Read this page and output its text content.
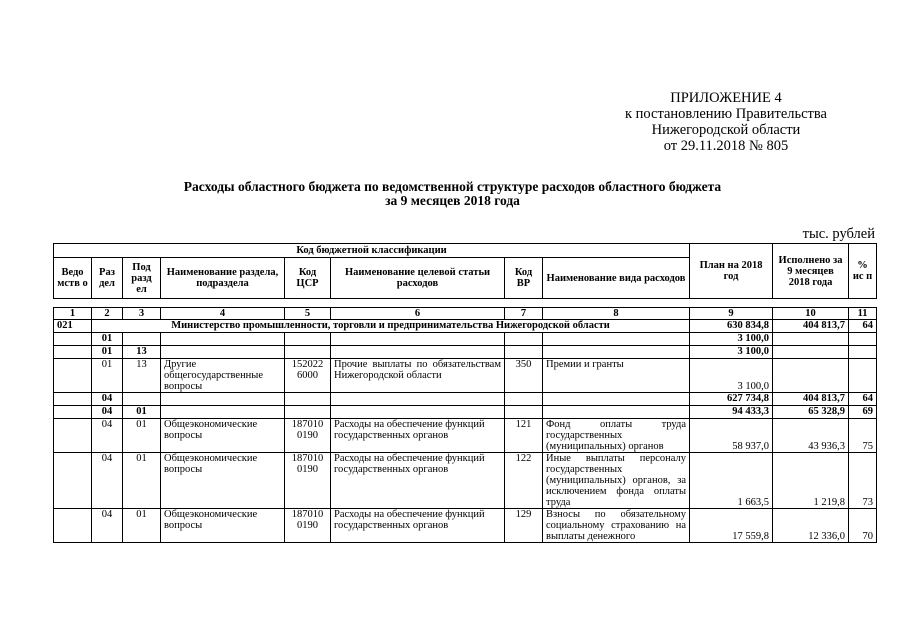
ПРИЛОЖЕНИЕ 4
к постановлению Правительства
Нижегородской области
от 29.11.2018 № 805
Расходы областного бюджета по ведомственной структуре расходов областного бюджета
за 9 месяцев 2018 года
тыс. рублей
Код бюджетной классификации								План на 2018 год	Исполнено за 9 месяцев 2018 года	% ис п
Ведо мств о	Раз дел	Под разд ел	Наименование раздела, подраздела	Код ЦСР	Наименование целевой статьи расходов	Код ВР	Наименование вида расходов			

1	2	3	4	5	6	7	8	9	10	11
021	Министерство промышленности, торговли и предпринимательства Нижегородской области							630 834,8	404 813,7	64
	01							3 100,0		
	01	13						3 100,0		
	01	13	Другие общегосударственные вопросы	152022 6000	Прочие выплаты по обязательствам Нижегородской области	350	Премии и гранты	3 100,0		
	04							627 734,8	404 813,7	64
	04	01						94 433,3	65 328,9	69
	04	01	Общеэкономические вопросы	187010 0190	Расходы на обеспечение функций государственных органов	121	Фонд оплаты труда государственных (муниципальных) органов	58 937,0	43 936,3	75
	04	01	Общеэкономические вопросы	187010 0190	Расходы на обеспечение функций государственных органов	122	Иные выплаты персоналу государственных (муниципальных) органов, за исключением фонда оплаты труда	1 663,5	1 219,8	73
	04	01	Общеэкономические вопросы	187010 0190	Расходы на обеспечение функций государственных органов	129	Взносы по обязательному социальному страхованию на выплаты денежного	17 559,8	12 336,0	70
